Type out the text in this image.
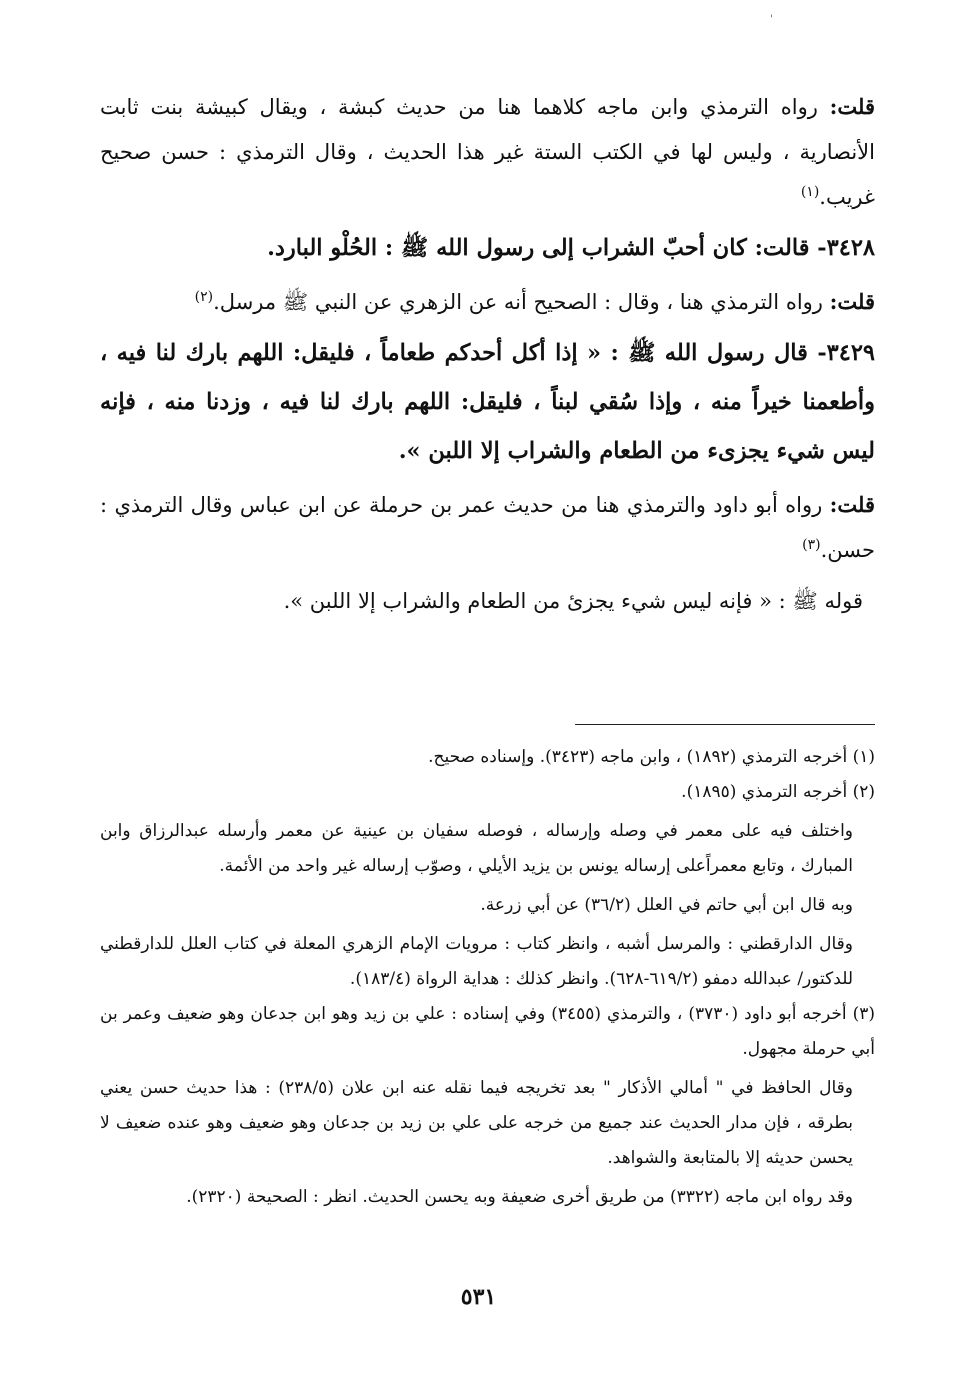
'

قلت: رواه الترمذي وابن ماجه كلاهما هنا من حديث كبشة ، ويقال كبيشة بنت ثابت الأنصارية ، وليس لها في الكتب الستة غير هذا الحديث ، وقال الترمذي : حسن صحيح غريب.$^{(١)}$

٣٤٢٨- قالت: كان أحبّ الشراب إلى رسول الله ﷺ : الحُلْو البارد.

قلت: رواه الترمذي هنا ، وقال : الصحيح أنه عن الزهري عن النبي ﷺ مرسل.$^{(٢)}$

٣٤٢٩- قال رسول الله ﷺ : « إذا أكل أحدكم طعاماً ، فليقل: اللهم بارك لنا فيه ، وأطعمنا خيراً منه ، وإذا سُقي لبناً ، فليقل: اللهم بارك لنا فيه ، وزدنا منه ، فإنه ليس شيء يجزىء من الطعام والشراب إلا اللبن ».

قلت: رواه أبو داود والترمذي هنا من حديث عمر بن حرملة عن ابن عباس وقال الترمذي : حسن.$^{(٣)}$

قوله ﷺ : « فإنه ليس شيء يجزئ من الطعام والشراب إلا اللبن ».

(١) أخرجه الترمذي (١٨٩٢) ، وابن ماجه (٣٤٢٣). وإسناده صحيح.

(٢) أخرجه الترمذي (١٨٩٥).

واختلف فيه على معمر في وصله وإرساله ، فوصله سفيان بن عينية عن معمر وأرسله عبدالرزاق وابن المبارك ، وتابع معمراًعلى إرساله يونس بن يزيد الأيلي ، وصوّب إرساله غير واحد من الأئمة.

وبه قال ابن أبي حاتم في العلل (٣٦/٢) عن أبي زرعة.

وقال الدارقطني : والمرسل أشبه ، وانظر كتاب : مرويات الإمام الزهري المعلة في كتاب العلل للدارقطني للدكتور/ عبدالله دمفو (٦١٩/٢-٦٢٨). وانظر كذلك : هداية الرواة (١٨٣/٤).

(٣) أخرجه أبو داود (٣٧٣٠) ، والترمذي (٣٤٥٥) وفي إسناده : علي بن زيد وهو ابن جدعان وهو ضعيف وعمر بن أبي حرملة مجهول.

وقال الحافظ في " أمالي الأذكار " بعد تخريجه فيما نقله عنه ابن علان (٢٣٨/٥) : هذا حديث حسن يعني بطرقه ، فإن مدار الحديث عند جميع من خرجه على علي بن زيد بن جدعان وهو ضعيف وهو عنده ضعيف لا يحسن حديثه إلا بالمتابعة والشواهد.

وقد رواه ابن ماجه (٣٣٢٢) من طريق أخرى ضعيفة وبه يحسن الحديث. انظر : الصحيحة (٢٣٢٠).

٥٣١
